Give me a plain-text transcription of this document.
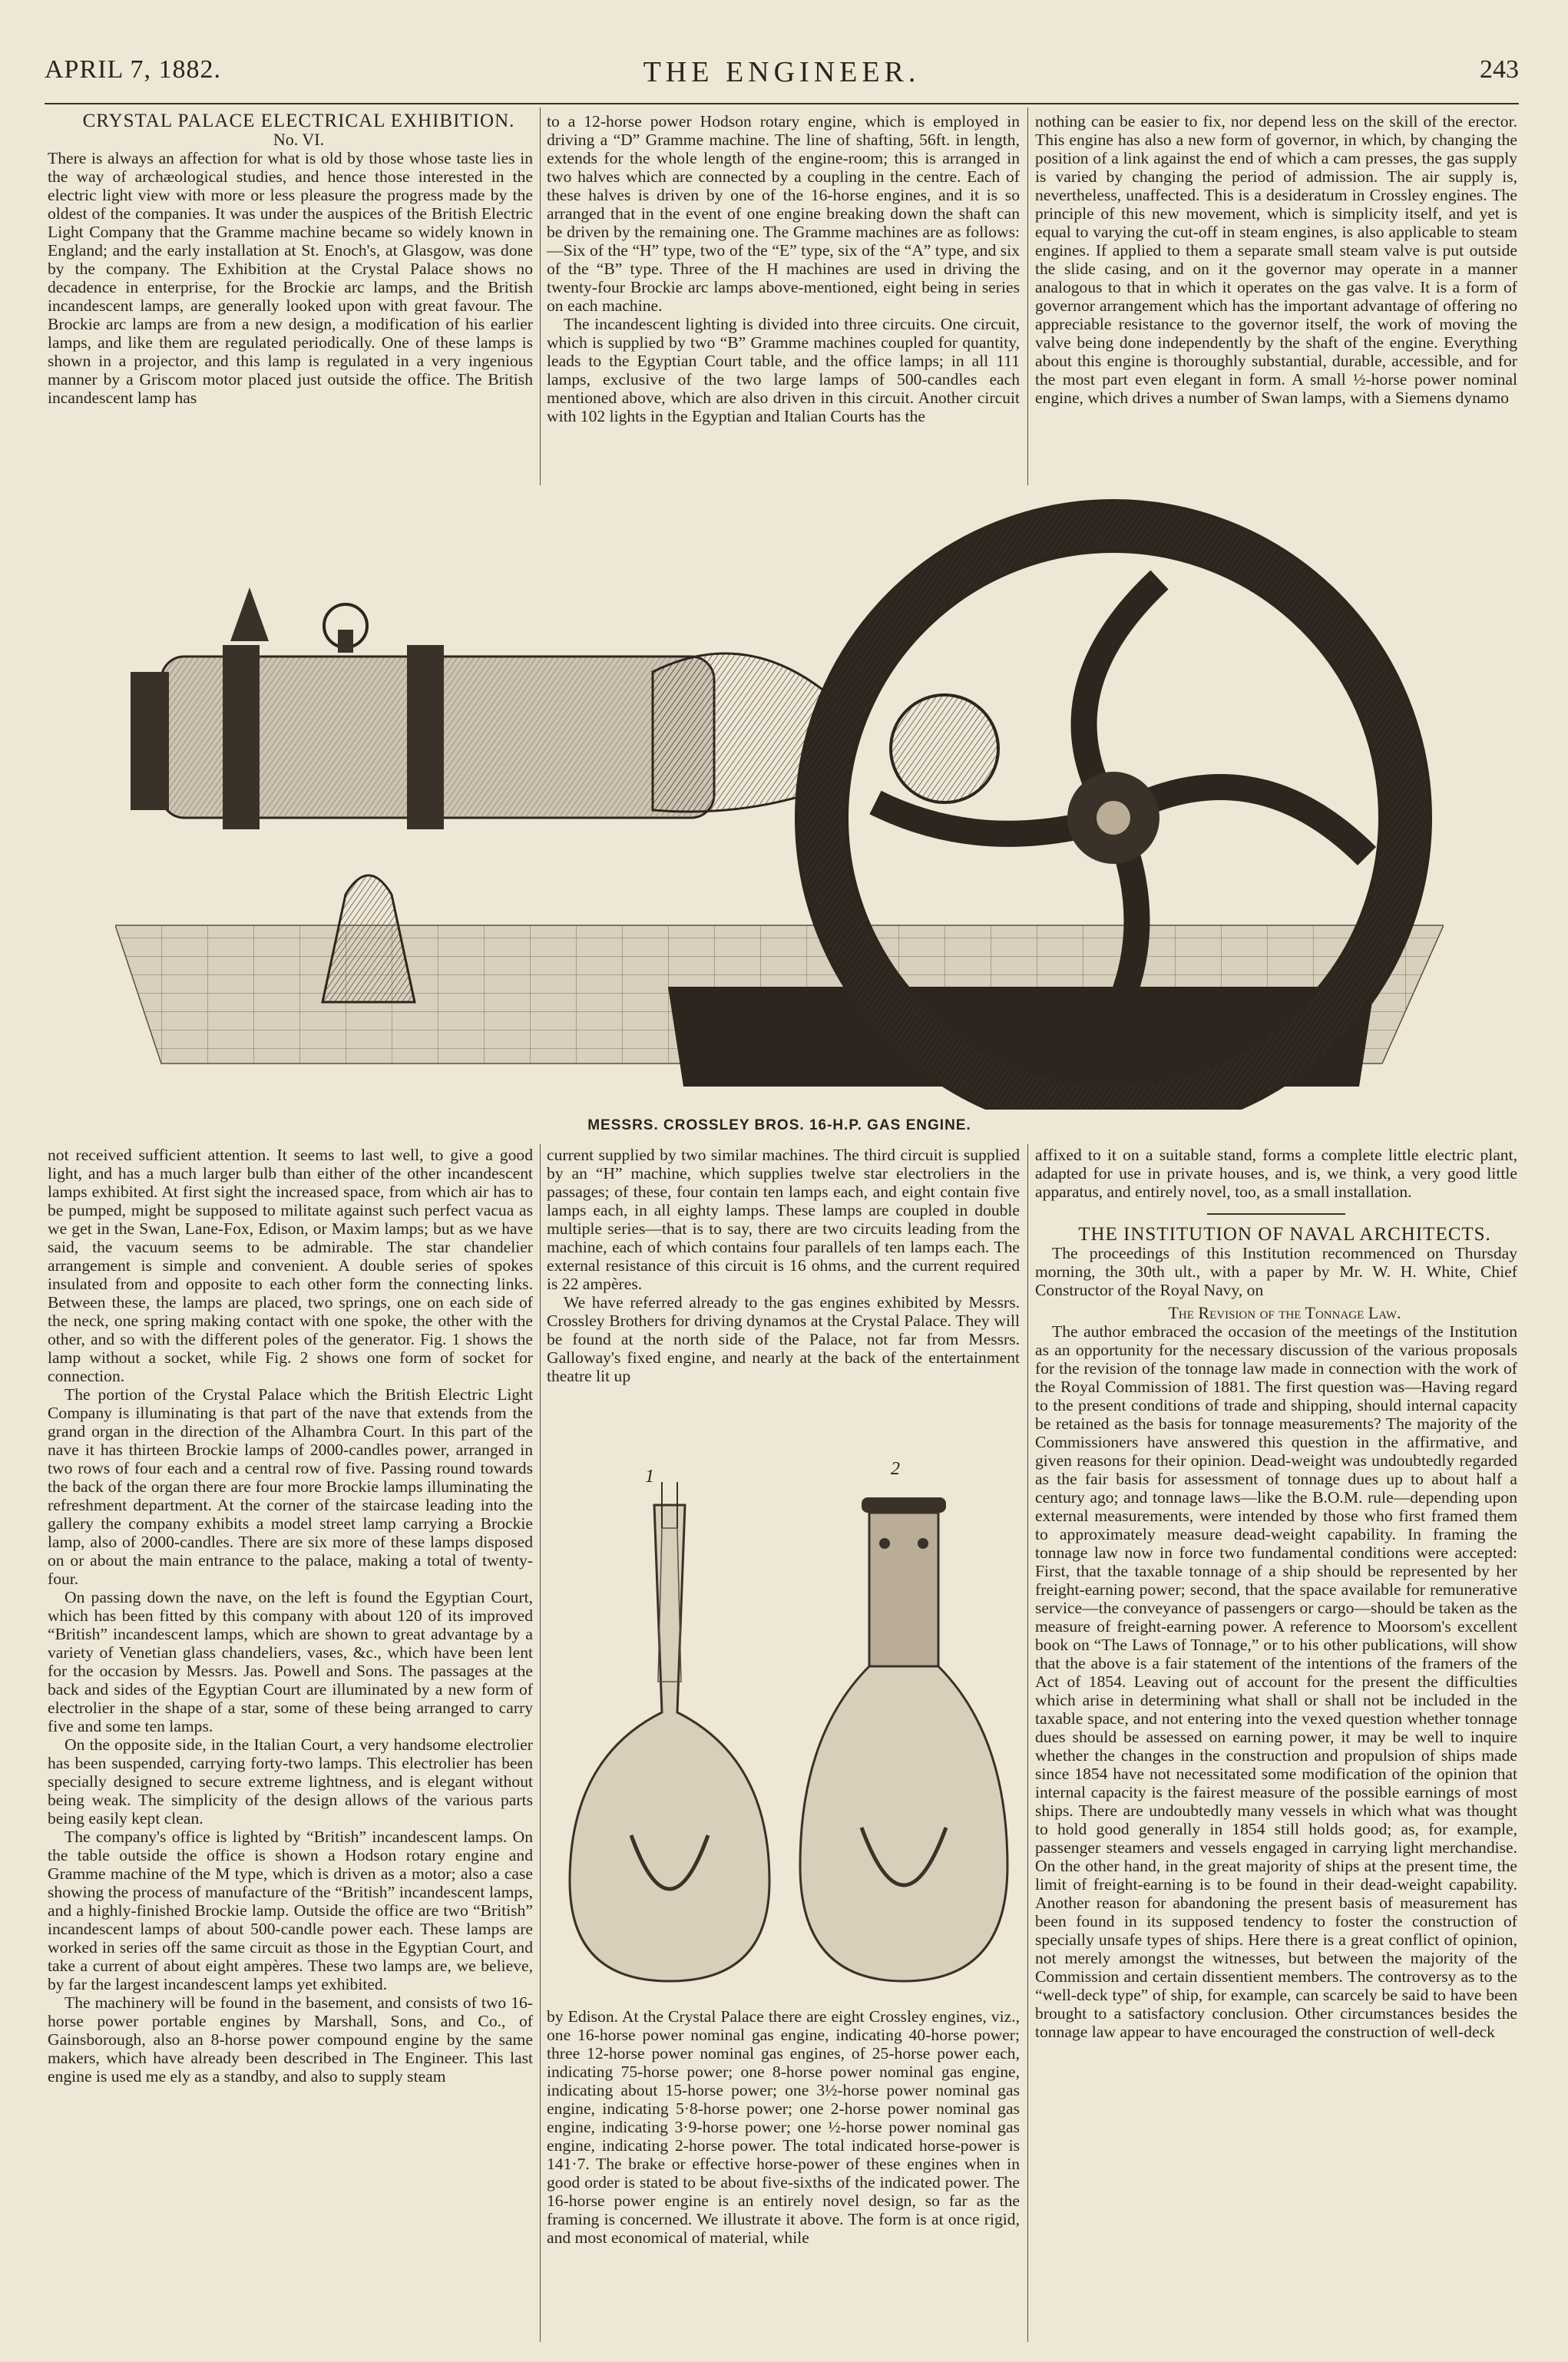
APRIL 7, 1882.	THE ENGINEER.	243

CRYSTAL PALACE ELECTRICAL EXHIBITION.

No. VI.

There is always an affection for what is old by those whose taste lies in the way of archæological studies, and hence those interested in the electric light view with more or less pleasure the progress made by the oldest of the companies. It was under the auspices of the British Electric Light Company that the Gramme machine became so widely known in England; and the early installation at St. Enoch's, at Glasgow, was done by the company. The Exhibition at the Crystal Palace shows no decadence in enterprise, for the Brockie arc lamps, and the British incandescent lamps, are generally looked upon with great favour. The Brockie arc lamps are from a new design, a modification of his earlier lamps, and like them are regulated periodically. One of these lamps is shown in a projector, and this lamp is regulated in a very ingenious manner by a Griscom motor placed just outside the office. The British incandescent lamp has

to a 12-horse power Hodson rotary engine, which is employed in driving a “D” Gramme machine. The line of shafting, 56ft. in length, extends for the whole length of the engine-room; this is arranged in two halves which are connected by a coupling in the centre. Each of these halves is driven by one of the 16-horse engines, and it is so arranged that in the event of one engine breaking down the shaft can be driven by the remaining one. The Gramme machines are as follows:—Six of the “H” type, two of the “E” type, six of the “A” type, and six of the “B” type. Three of the H machines are used in driving the twenty-four Brockie arc lamps above-mentioned, eight being in series on each machine.

The incandescent lighting is divided into three circuits. One circuit, which is supplied by two “B” Gramme machines coupled for quantity, leads to the Egyptian Court table, and the office lamps; in all 111 lamps, exclusive of the two large lamps of 500-candles each mentioned above, which are also driven in this circuit. Another circuit with 102 lights in the Egyptian and Italian Courts has the

nothing can be easier to fix, nor depend less on the skill of the erector. This engine has also a new form of governor, in which, by changing the position of a link against the end of which a cam presses, the gas supply is varied by changing the period of admission. The air supply is, nevertheless, unaffected. This is a desideratum in Crossley engines. The principle of this new movement, which is simplicity itself, and yet is equal to varying the cut-off in steam engines, is also applicable to steam engines. If applied to them a separate small steam valve is put outside the slide casing, and on it the governor may operate in a manner analogous to that in which it operates on the gas valve. It is a form of governor arrangement which has the important advantage of offering no appreciable resistance to the governor itself, the work of moving the valve being done independently by the shaft of the engine. Everything about this engine is thoroughly substantial, durable, accessible, and for the most part even elegant in form. A small ½-horse power nominal engine, which drives a number of Swan lamps, with a Siemens dynamo

MESSRS. CROSSLEY BROS. 16-H.P. GAS ENGINE.

not received sufficient attention. It seems to last well, to give a good light, and has a much larger bulb than either of the other incandescent lamps exhibited. At first sight the increased space, from which air has to be pumped, might be supposed to militate against such perfect vacua as we get in the Swan, Lane-Fox, Edison, or Maxim lamps; but as we have said, the vacuum seems to be admirable. The star chandelier arrangement is simple and convenient. A double series of spokes insulated from and opposite to each other form the connecting links. Between these, the lamps are placed, two springs, one on each side of the neck, one spring making contact with one spoke, the other with the other, and so with the different poles of the generator. Fig. 1 shows the lamp without a socket, while Fig. 2 shows one form of socket for connection.

The portion of the Crystal Palace which the British Electric Light Company is illuminating is that part of the nave that extends from the grand organ in the direction of the Alhambra Court. In this part of the nave it has thirteen Brockie lamps of 2000-candles power, arranged in two rows of four each and a central row of five. Passing round towards the back of the organ there are four more Brockie lamps illuminating the refreshment department. At the corner of the staircase leading into the gallery the company exhibits a model street lamp carrying a Brockie lamp, also of 2000-candles. There are six more of these lamps disposed on or about the main entrance to the palace, making a total of twenty-four.

On passing down the nave, on the left is found the Egyptian Court, which has been fitted by this company with about 120 of its improved “British” incandescent lamps, which are shown to great advantage by a variety of Venetian glass chandeliers, vases, &c., which have been lent for the occasion by Messrs. Jas. Powell and Sons. The passages at the back and sides of the Egyptian Court are illuminated by a new form of electrolier in the shape of a star, some of these being arranged to carry five and some ten lamps.

On the opposite side, in the Italian Court, a very handsome electrolier has been suspended, carrying forty-two lamps. This electrolier has been specially designed to secure extreme lightness, and is elegant without being weak. The simplicity of the design allows of the various parts being easily kept clean.

The company's office is lighted by “British” incandescent lamps. On the table outside the office is shown a Hodson rotary engine and Gramme machine of the M type, which is driven as a motor; also a case showing the process of manufacture of the “British” incandescent lamps, and a highly-finished Brockie lamp. Outside the office are two “British” incandescent lamps of about 500-candle power each. These lamps are worked in series off the same circuit as those in the Egyptian Court, and take a current of about eight ampères. These two lamps are, we believe, by far the largest incandescent lamps yet exhibited.

The machinery will be found in the basement, and consists of two 16-horse power portable engines by Marshall, Sons, and Co., of Gainsborough, also an 8-horse power compound engine by the same makers, which have already been described in The Engineer. This last engine is used me ely as a standby, and also to supply steam

current supplied by two similar machines. The third circuit is supplied by an “H” machine, which supplies twelve star electroliers in the passages; of these, four contain ten lamps each, and eight contain five lamps each, in all eighty lamps. These lamps are coupled in double multiple series—that is to say, there are two circuits leading from the machine, each of which contains four parallels of ten lamps each. The external resistance of this circuit is 16 ohms, and the current required is 22 ampères.

We have referred already to the gas engines exhibited by Messrs. Crossley Brothers for driving dynamos at the Crystal Palace. They will be found at the north side of the Palace, not far from Messrs. Galloway's fixed engine, and nearly at the back of the entertainment theatre lit up

1	2

by Edison. At the Crystal Palace there are eight Crossley engines, viz., one 16-horse power nominal gas engine, indicating 40-horse power; three 12-horse power nominal gas engines, of 25-horse power each, indicating 75-horse power; one 8-horse power nominal gas engine, indicating about 15-horse power; one 3½-horse power nominal gas engine, indicating 5·8-horse power; one 2-horse power nominal gas engine, indicating 3·9-horse power; one ½-horse power nominal gas engine, indicating 2-horse power. The total indicated horse-power is 141·7. The brake or effective horse-power of these engines when in good order is stated to be about five-sixths of the indicated power. The 16-horse power engine is an entirely novel design, so far as the framing is concerned. We illustrate it above. The form is at once rigid, and most economical of material, while

affixed to it on a suitable stand, forms a complete little electric plant, adapted for use in private houses, and is, we think, a very good little apparatus, and entirely novel, too, as a small installation.

THE INSTITUTION OF NAVAL ARCHITECTS.

The proceedings of this Institution recommenced on Thursday morning, the 30th ult., with a paper by Mr. W. H. White, Chief Constructor of the Royal Navy, on

The Revision of the Tonnage Law.

The author embraced the occasion of the meetings of the Institution as an opportunity for the necessary discussion of the various proposals for the revision of the tonnage law made in connection with the work of the Royal Commission of 1881. The first question was—Having regard to the present conditions of trade and shipping, should internal capacity be retained as the basis for tonnage measurements? The majority of the Commissioners have answered this question in the affirmative, and given reasons for their opinion. Dead-weight was undoubtedly regarded as the fair basis for assessment of tonnage dues up to about half a century ago; and tonnage laws—like the B.O.M. rule—depending upon external measurements, were intended by those who first framed them to approximately measure dead-weight capability. In framing the tonnage law now in force two fundamental conditions were accepted: First, that the taxable tonnage of a ship should be represented by her freight-earning power; second, that the space available for remunerative service—the conveyance of passengers or cargo—should be taken as the measure of freight-earning power. A reference to Moorsom's excellent book on “The Laws of Tonnage,” or to his other publications, will show that the above is a fair statement of the intentions of the framers of the Act of 1854. Leaving out of account for the present the difficulties which arise in determining what shall or shall not be included in the taxable space, and not entering into the vexed question whether tonnage dues should be assessed on earning power, it may be well to inquire whether the changes in the construction and propulsion of ships made since 1854 have not necessitated some modification of the opinion that internal capacity is the fairest measure of the possible earnings of most ships. There are undoubtedly many vessels in which what was thought to hold good generally in 1854 still holds good; as, for example, passenger steamers and vessels engaged in carrying light merchandise. On the other hand, in the great majority of ships at the present time, the limit of freight-earning is to be found in their dead-weight capability. Another reason for abandoning the present basis of measurement has been found in its supposed tendency to foster the construction of specially unsafe types of ships. Here there is a great conflict of opinion, not merely amongst the witnesses, but between the majority of the Commission and certain dissentient members. The controversy as to the “well-deck type” of ship, for example, can scarcely be said to have been brought to a satisfactory conclusion. Other circumstances besides the tonnage law appear to have encouraged the construction of well-deck
